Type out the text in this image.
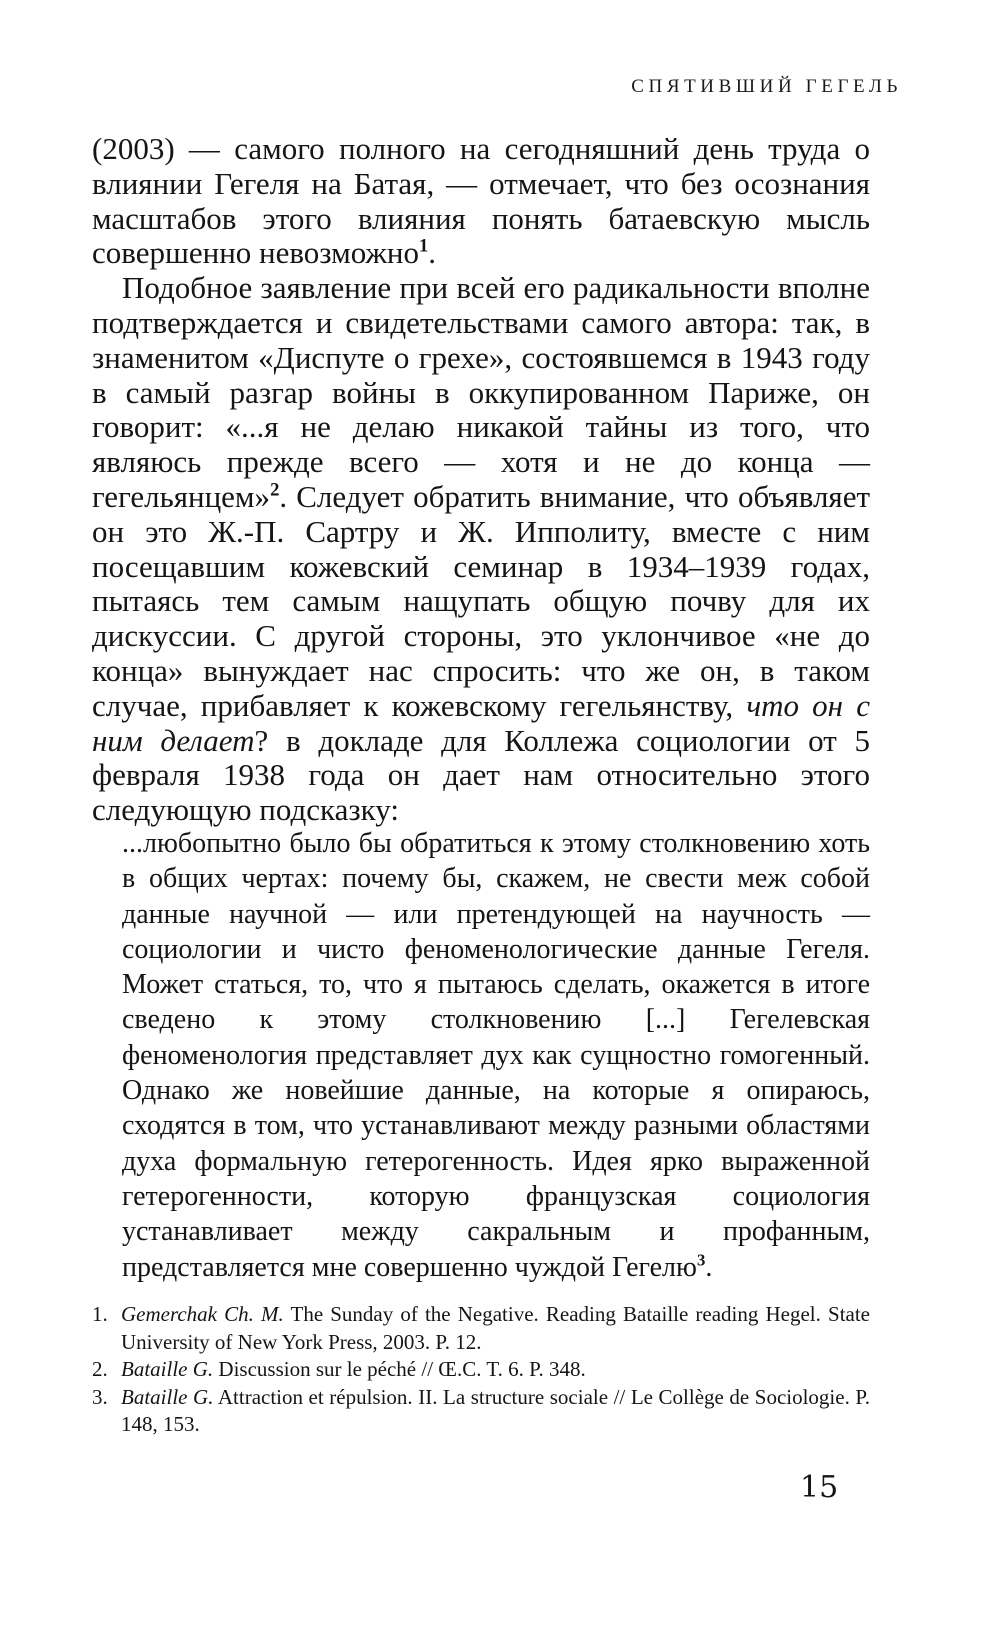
СПЯТИВШИЙ ГЕГЕЛЬ

(2003) — самого полного на сегодняшний день труда о влиянии Гегеля на Батая, — отмечает, что без осознания масштабов этого влияния понять батаевскую мысль совершенно невозможно$^1$.

Подобное заявление при всей его радикальности вполне подтверждается и свидетельствами самого автора: так, в знаменитом «Диспуте о грехе», состоявшемся в 1943 году в самый разгар войны в оккупированном Париже, он говорит: «...я не делаю никакой тайны из того, что являюсь прежде всего — хотя и не до конца — гегельянцем»$^2$. Следует обратить внимание, что объявляет он это Ж.-П. Сартру и Ж. Ипполиту, вместе с ним посещавшим кожевский семинар в 1934–1939 годах, пытаясь тем самым нащупать общую почву для их дискуссии. С другой стороны, это уклончивое «не до конца» вынуждает нас спросить: что же он, в таком случае, прибавляет к кожевскому гегельянству, что он с ним делает? в докладе для Коллежа социологии от 5 февраля 1938 года он дает нам относительно этого следующую подсказку:

...любопытно было бы обратиться к этому столкновению хоть в общих чертах: почему бы, скажем, не свести меж собой данные научной — или претендующей на научность — социологии и чисто феноменологические данные Гегеля. Может статься, то, что я пытаюсь сделать, окажется в итоге сведено к этому столкновению [...] Гегелевская феноменология представляет дух как сущностно гомогенный. Однако же новейшие данные, на которые я опираюсь, сходятся в том, что устанавливают между разными областями духа формальную гетерогенность. Идея ярко выраженной гетерогенности, которую французская социология устанавливает между сакральным и профанным, представляется мне совершенно чуждой Гегелю$^3$.

1. Gemerchak Ch. M. The Sunday of the Negative. Reading Bataille reading Hegel. State University of New York Press, 2003. P. 12.
2. Bataille G. Discussion sur le péché // Œ.C. T. 6. P. 348.
3. Bataille G. Attraction et répulsion. II. La structure sociale // Le Collège de Sociologie. P. 148, 153.
15
